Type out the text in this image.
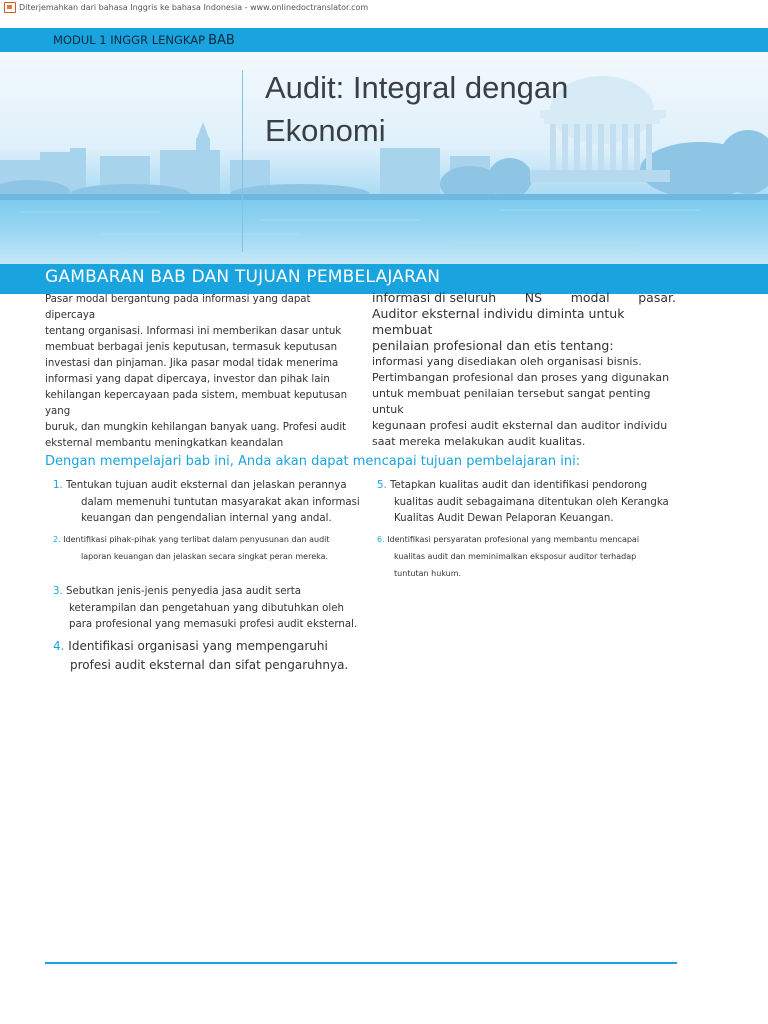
Diterjemahkan dari bahasa Inggris ke bahasa Indonesia - www.onlinedoctranslator.com
MODUL 1 INGGR LENGKAP BAB
Audit: Integral dengan
Ekonomi
GAMBARAN BAB DAN TUJUAN PEMBELAJARAN
Pasar modal bergantung pada informasi yang dapat dipercaya
tentang organisasi. Informasi ini memberikan dasar untuk
membuat berbagai jenis keputusan, termasuk keputusan
investasi dan pinjaman. Jika pasar modal tidak menerima
informasi yang dapat dipercaya, investor dan pihak lain
kehilangan kepercayaan pada sistem, membuat keputusan yang
buruk, dan mungkin kehilangan banyak uang. Profesi audit
eksternal membantu meningkatkan keandalan
informasi di seluruh NS modal pasar.
Auditor eksternal individu diminta untuk membuat
penilaian profesional dan etis tentang:
informasi yang disediakan oleh organisasi bisnis.
Pertimbangan profesional dan proses yang digunakan
untuk membuat penilaian tersebut sangat penting untuk
kegunaan profesi audit eksternal dan auditor individu
saat mereka melakukan audit kualitas.
Dengan mempelajari bab ini, Anda akan dapat mencapai tujuan pembelajaran ini:
1. Tentukan tujuan audit eksternal dan jelaskan perannya
dalam memenuhi tuntutan masyarakat akan informasi
keuangan dan pengendalian internal yang andal.
2. Identifikasi pihak-pihak yang terlibat dalam penyusunan dan audit
laporan keuangan dan jelaskan secara singkat peran mereka.
3. Sebutkan jenis-jenis penyedia jasa audit serta
keterampilan dan pengetahuan yang dibutuhkan oleh
para profesional yang memasuki profesi audit eksternal.
4. Identifikasi organisasi yang mempengaruhi
profesi audit eksternal dan sifat pengaruhnya.
5. Tetapkan kualitas audit dan identifikasi pendorong
kualitas audit sebagaimana ditentukan oleh Kerangka
Kualitas Audit Dewan Pelaporan Keuangan.
6. Identifikasi persyaratan profesional yang membantu mencapai
kualitas audit dan meminimalkan eksposur auditor terhadap
tuntutan hukum.
